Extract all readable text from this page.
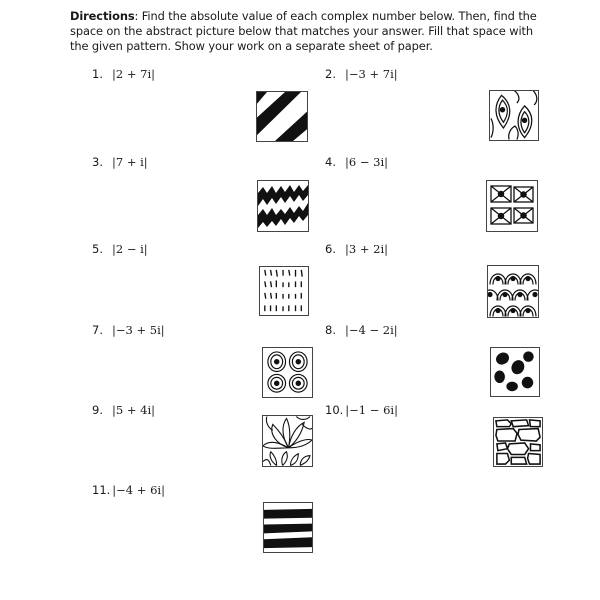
Directions: Find the absolute value of each complex number below. Then, find the space on the abstract picture below that matches your answer. Fill that space with the given pattern. Show your work on a separate sheet of paper.
1. |2 + 7i|	2. |−3 + 7i|
3. |7 + i|	4. |6 − 3i|
5. |2 − i|	6. |3 + 2i|
7. |−3 + 5i|	8. |−4 − 2i|
9. |5 + 4i|	10. |−1 − 6i|
11. |−4 + 6i|
